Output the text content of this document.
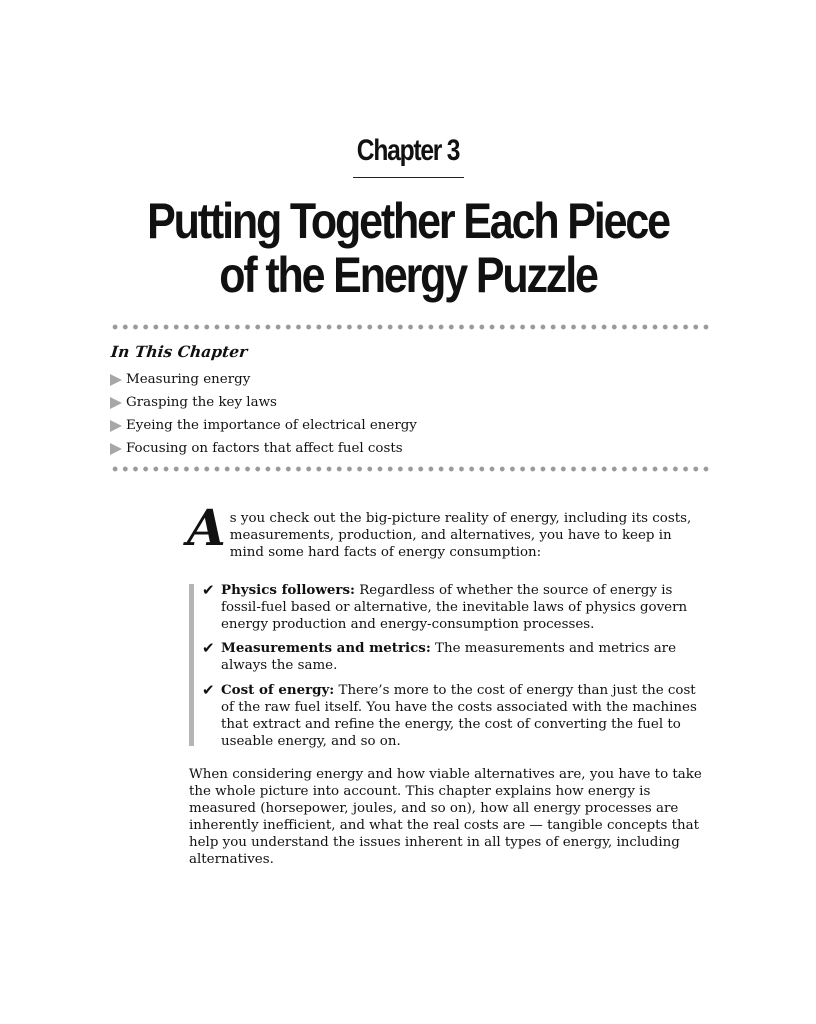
Chapter 3
Putting Together Each Piece
of the Energy Puzzle
In This Chapter
Measuring energy
Grasping the key laws
Eyeing the importance of electrical energy
Focusing on factors that affect fuel costs

As you check out the big-picture reality of energy, including its costs, measurements, production, and alternatives, you have to keep in mind some hard facts of energy consumption:

✔ Physics followers: Regardless of whether the source of energy is fossil-fuel based or alternative, the inevitable laws of physics govern energy production and energy-consumption processes.
✔ Measurements and metrics: The measurements and metrics are always the same.
✔ Cost of energy: There’s more to the cost of energy than just the cost of the raw fuel itself. You have the costs associated with the machines that extract and refine the energy, the cost of converting the fuel to useable energy, and so on.

When considering energy and how viable alternatives are, you have to take the whole picture into account. This chapter explains how energy is measured (horsepower, joules, and so on), how all energy processes are inherently inefficient, and what the real costs are — tangible concepts that help you understand the issues inherent in all types of energy, including alternatives.
